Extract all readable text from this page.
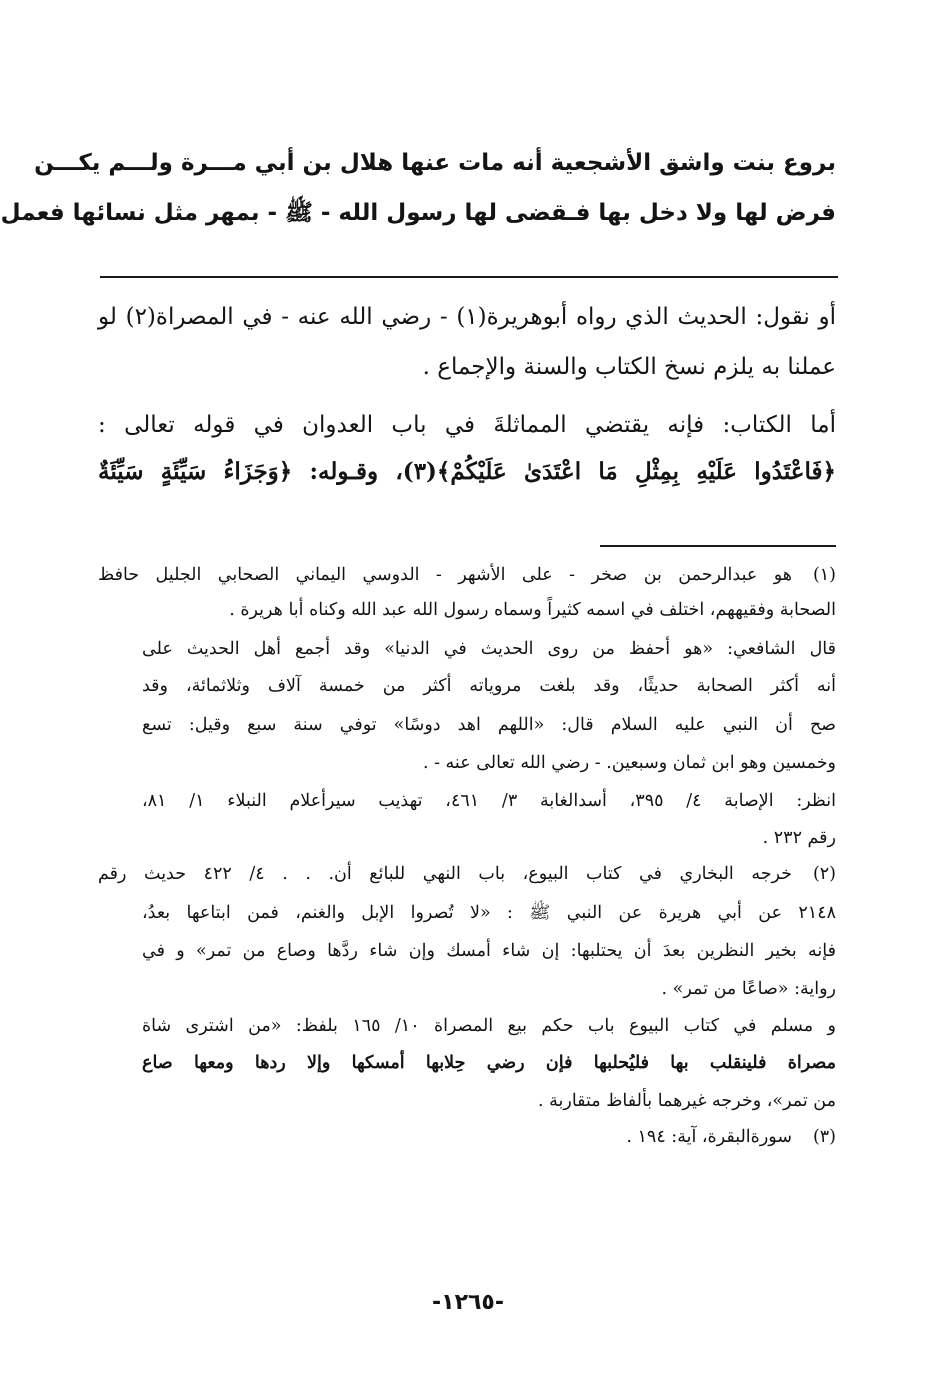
بروع بنت واشق الأشجعية أنه مات عنها هلال بن أبي مـــرة ولـــم يكـــن
فرض لها ولا دخل بها فـقضى لها رسول الله - ﷺ - بمهر مثل نسائها فعمل
أو نقول: الحديث الذي رواه أبوهريرة(١) - رضي الله عنه - في المصراة(٢) لو
عملنا به يلزم نسخ الكتاب والسنة والإجماع .
أما الكتاب: فإنه يقتضي المماثلةَ في باب العدوان في قوله تعالى :
﴿فَاعْتَدُوا عَلَيْهِ بِمِثْلِ مَا اعْتَدَىٰ عَلَيْكُمْ﴾(٣)، وقـوله: ﴿وَجَزَاءُ سَيِّئَةٍ سَيِّئَةٌ
(١)
هو عبدالرحمن بن صخر - على الأشهر - الدوسي اليماني الصحابي الجليل حافظ
الصحابة وفقيههم، اختلف في اسمه كثيراً وسماه رسول الله عبد الله وكناه أبا هريرة .
قال الشافعي: «هو أحفظ من روى الحديث في الدنيا» وقد أجمع أهل الحديث على
أنه أكثر الصحابة حديثًا، وقد بلغت مروياته أكثر من خمسة آلاف وثلاثمائة، وقد
صح أن النبي عليه السلام قال: «اللهم اهد دوسًا» توفي سنة سبع وقيل: تسع
وخمسين وهو ابن ثمان وسبعين. - رضي الله تعالى عنه - .
انظر: الإصابة ٤/ ٣٩٥، أسدالغابة ٣/ ٤٦١، تهذيب سيرأعلام النبلاء ١/ ٨١،
رقم ٢٣٢ .
(٢)
خرجه البخاري في كتاب البيوع، باب النهي للبائع أن. . . ٤/ ٤٢٢ حديث رقم
٢١٤٨ عن أبي هريرة عن النبي ﷺ : «لا تُصروا الإبل والغنم، فمن ابتاعها بعدُ،
فإنه بخير النظرين بعدَ أن يحتلبها: إن شاء أمسك وإن شاء ردَّها وصاع من تمر» و في
رواية: «صاعًا من تمر» .
و مسلم في كتاب البيوع باب حكم بيع المصراة ١٠/ ١٦٥ بلفظ: «من اشترى شاة
مصراة فلينقلب بها فليُحلبها فإن رضي حِلابها أمسكها وإلا ردها ومعها صاع
من تمر»، وخرجه غيرهما بألفاظ متقاربة .
(٣)
سورةالبقرة، آية: ١٩٤ .
-١٢٦٥-
